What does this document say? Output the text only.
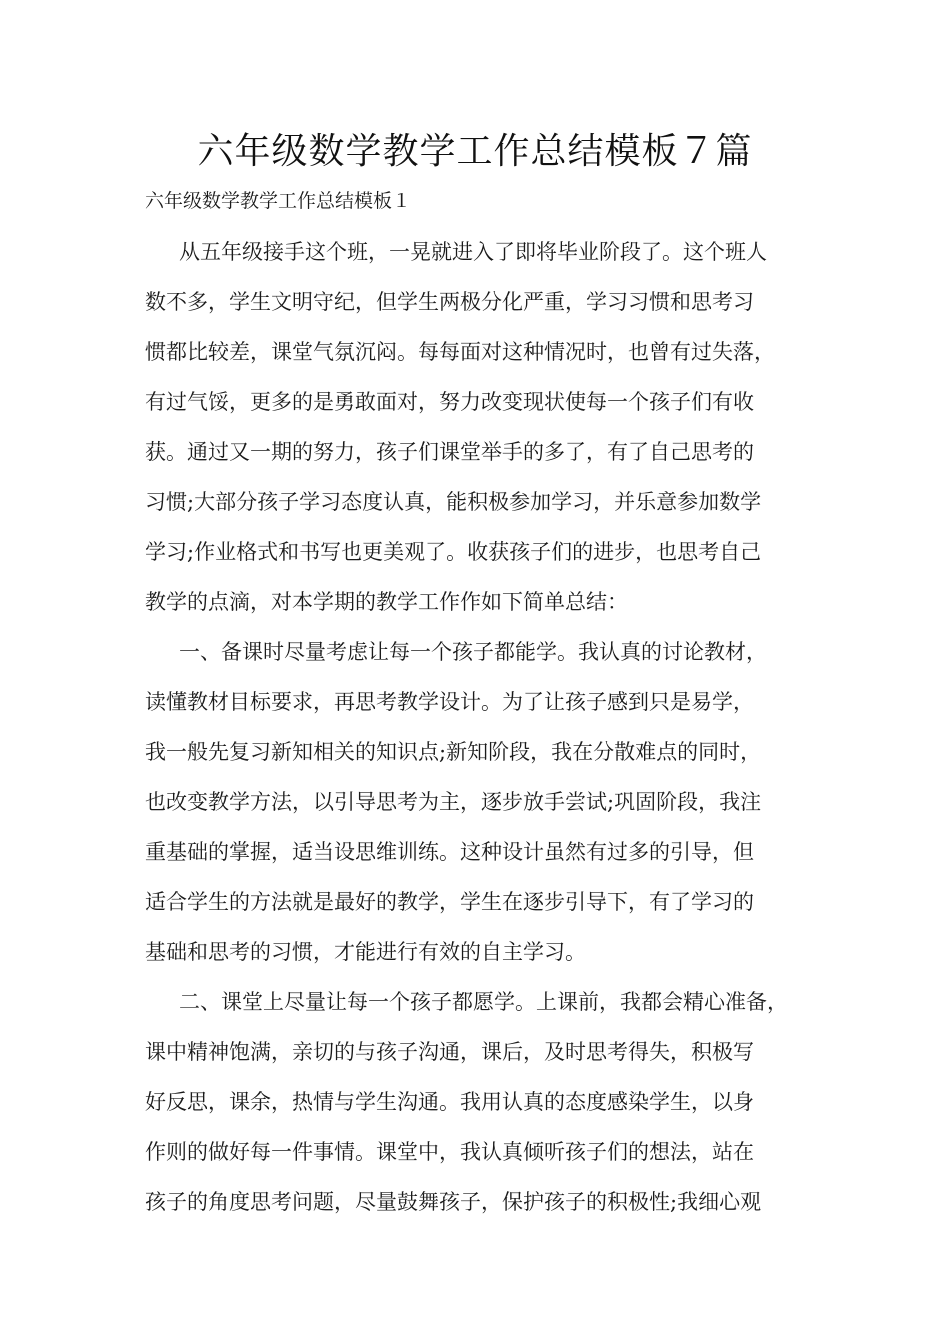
六年级数学教学工作总结模板７篇

六年级数学教学工作总结模板１

从五年级接手这个班，一晃就进入了即将毕业阶段了。这个班人

数不多，学生文明守纪，但学生两极分化严重，学习习惯和思考习

惯都比较差，课堂气氛沉闷。每每面对这种情况时，也曾有过失落，

有过气馁，更多的是勇敢面对，努力改变现状使每一个孩子们有收

获。通过又一期的努力，孩子们课堂举手的多了，有了自己思考的

习惯;大部分孩子学习态度认真，能积极参加学习，并乐意参加数学

学习;作业格式和书写也更美观了。收获孩子们的进步，也思考自己

教学的点滴，对本学期的教学工作作如下简单总结：

一、备课时尽量考虑让每一个孩子都能学。我认真的讨论教材，

读懂教材目标要求，再思考教学设计。为了让孩子感到只是易学，

我一般先复习新知相关的知识点;新知阶段，我在分散难点的同时，

也改变教学方法，以引导思考为主，逐步放手尝试;巩固阶段，我注

重基础的掌握，适当设思维训练。这种设计虽然有过多的引导，但

适合学生的方法就是最好的教学，学生在逐步引导下，有了学习的

基础和思考的习惯，才能进行有效的自主学习。

二、课堂上尽量让每一个孩子都愿学。上课前，我都会精心准备，

课中精神饱满，亲切的与孩子沟通，课后，及时思考得失，积极写

好反思，课余，热情与学生沟通。我用认真的态度感染学生，以身

作则的做好每一件事情。课堂中，我认真倾听孩子们的想法，站在

孩子的角度思考问题，尽量鼓舞孩子，保护孩子的积极性;我细心观
